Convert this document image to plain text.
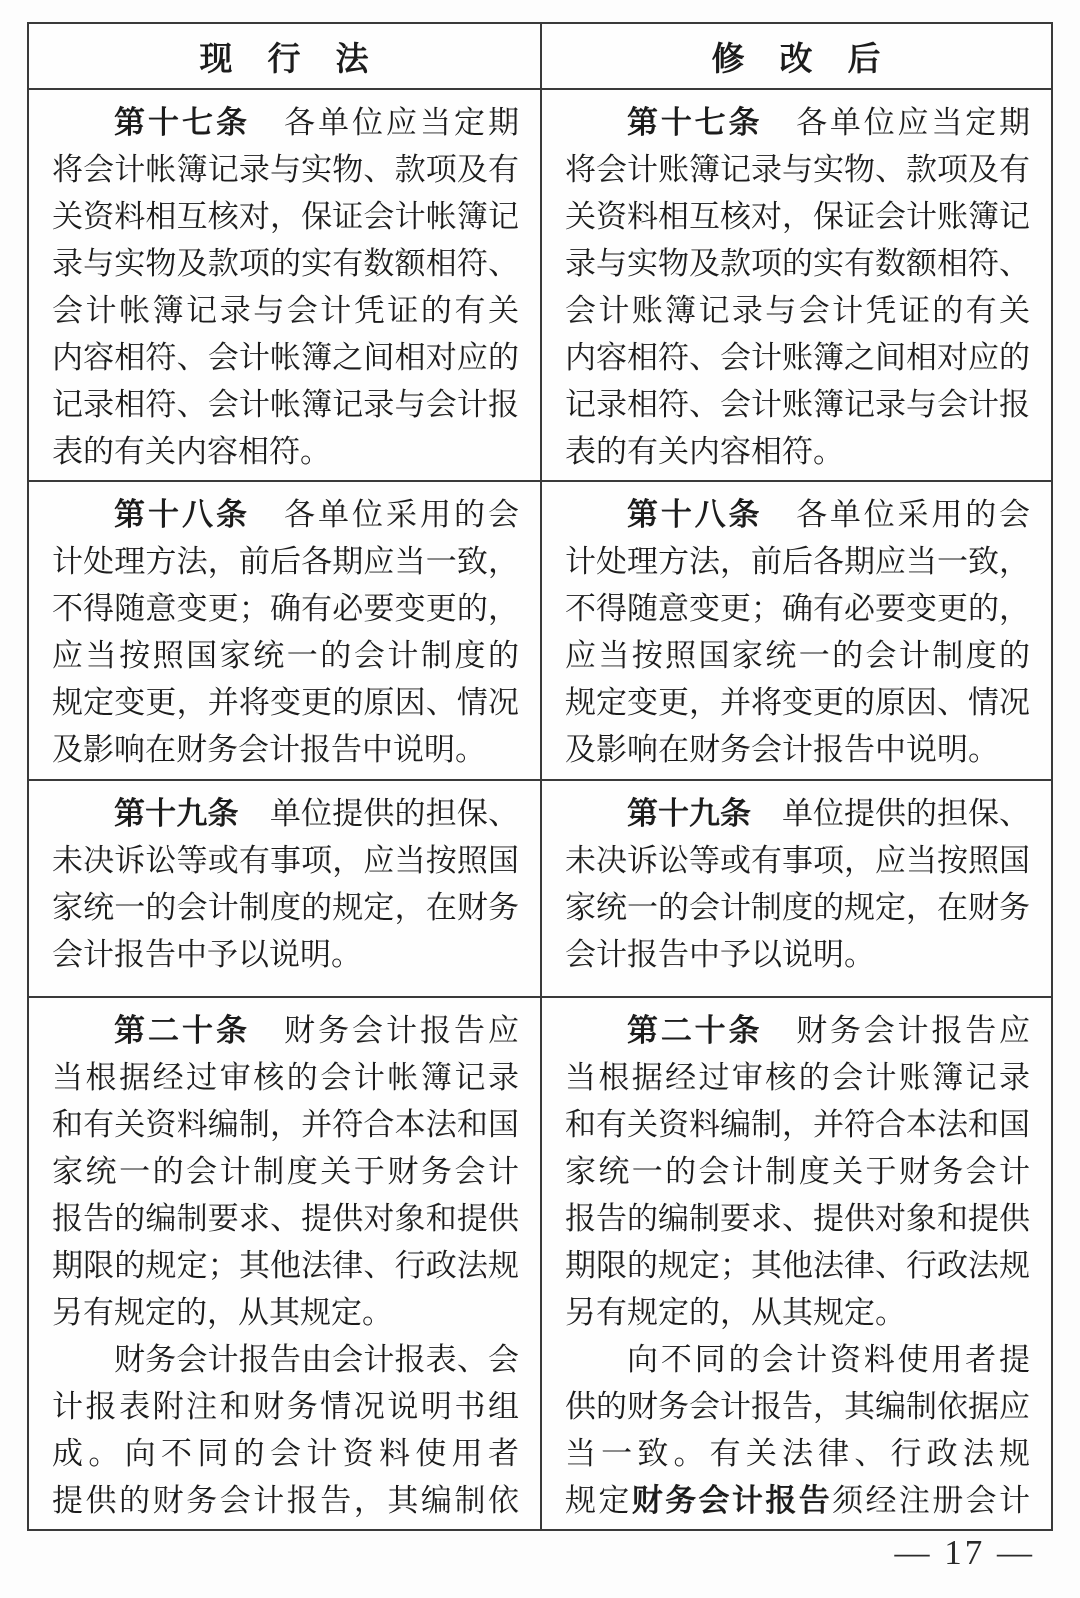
现　行　法	修　改　后
第十七条　各单位应当定期
将会计帐簿记录与实物、款项及有
关资料相互核对，保证会计帐簿记
录与实物及款项的实有数额相符、
会计帐簿记录与会计凭证的有关
内容相符、会计帐簿之间相对应的
记录相符、会计帐簿记录与会计报
表的有关内容相符。
第十七条　各单位应当定期
将会计账簿记录与实物、款项及有
关资料相互核对，保证会计账簿记
录与实物及款项的实有数额相符、
会计账簿记录与会计凭证的有关
内容相符、会计账簿之间相对应的
记录相符、会计账簿记录与会计报
表的有关内容相符。
第十八条　各单位采用的会
计处理方法，前后各期应当一致，
不得随意变更；确有必要变更的，
应当按照国家统一的会计制度的
规定变更，并将变更的原因、情况
及影响在财务会计报告中说明。
第十八条　各单位采用的会
计处理方法，前后各期应当一致，
不得随意变更；确有必要变更的，
应当按照国家统一的会计制度的
规定变更，并将变更的原因、情况
及影响在财务会计报告中说明。
第十九条　单位提供的担保、
未决诉讼等或有事项，应当按照国
家统一的会计制度的规定，在财务
会计报告中予以说明。
第十九条　单位提供的担保、
未决诉讼等或有事项，应当按照国
家统一的会计制度的规定，在财务
会计报告中予以说明。
第二十条　财务会计报告应
当根据经过审核的会计帐簿记录
和有关资料编制，并符合本法和国
家统一的会计制度关于财务会计
报告的编制要求、提供对象和提供
期限的规定；其他法律、行政法规
另有规定的，从其规定。
财务会计报告由会计报表、会
计报表附注和财务情况说明书组
成。向不同的会计资料使用者
提供的财务会计报告，其编制依
第二十条　财务会计报告应
当根据经过审核的会计账簿记录
和有关资料编制，并符合本法和国
家统一的会计制度关于财务会计
报告的编制要求、提供对象和提供
期限的规定；其他法律、行政法规
另有规定的，从其规定。
向不同的会计资料使用者提
供的财务会计报告，其编制依据应
当一致。有关法律、行政法规
规定财务会计报告须经注册会计
— 17 —
